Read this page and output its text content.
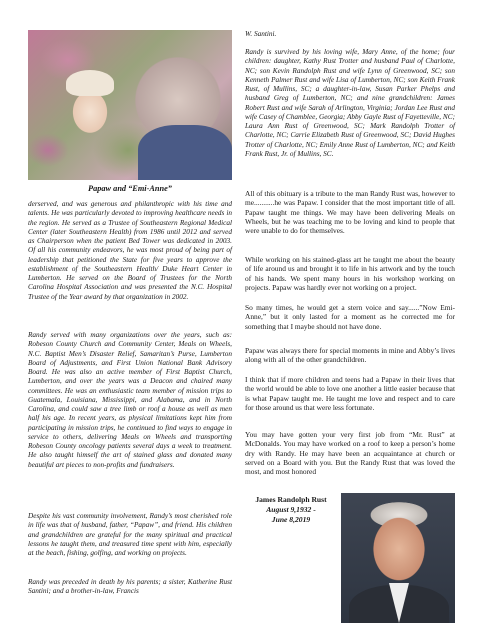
Papaw and “Emi-Anne”

derserved, and was generous and philanthropic with his time and talents. He was particularly devoted to improving healthcare needs in the region. He served as a Trustee of Southeastern Regional Medical Center (later Southeastern Health) from 1986 until 2012 and served as Chairperson when the patient Bed Tower was dedicated in 2003. Of all his community endeavors, he was most proud of being part of leadership that petitioned the State for five years to approve the establishment of the Southeastern Health/ Duke Heart Center in Lumberton. He served on the Board of Trustees for the North Carolina Hospital Association and was presented the N.C. Hospital Trustee of the Year award by that organization in 2002.

Randy served with many organizations over the years, such as: Robeson County Church and Community Center, Meals on Wheels, N.C. Baptist Men’s Disaster Relief, Samaritan’s Purse, Lumberton Board of Adjustments, and First Union National Bank Advisory Board. He was also an active member of First Baptist Church, Lumberton, and over the years was a Deacon and chaired many committees. He was an enthusiastic team member of mission trips to Guatemala, Louisiana, Mississippi, and Alabama, and in North Carolina, and could saw a tree limb or roof a house as well as men half his age. In recent years, as physical limitations kept him from participating in mission trips, he continued to find ways to engage in service to others, delivering Meals on Wheels and transporting Robeson County oncology patients several days a week to treatment. He also taught himself the art of stained glass and donated many beautiful art pieces to non-profits and fundraisers.

Despite his vast community involvement, Randy’s most cherished role in life was that of husband, father, “Papaw”, and friend. His children and grandchildren are grateful for the many spiritual and practical lessons he taught them, and treasured time spent with him, especially at the beach, fishing, golfing, and working on projects.

Randy was preceded in death by his parents; a sister, Katherine Rust Santini; and a brother-in-law, Francis

W. Santini.

Randy is survived by his loving wife, Mary Anne, of the home; four children: daughter, Kathy Rust Trotter and husband Paul of Charlotte, NC; son Kevin Randolph Rust and wife Lynn of Greenwood, SC; son Kenneth Palmer Rust and wife Lisa of Lumberton, NC; son Keith Frank Rust, of Mullins, SC; a daughter-in-law, Susan Parker Phelps and husband Greg of Lumberton, NC; and nine grandchildren: James Robert Rust and wife Sarah of Arlington, Virginia; Jordan Lee Rust and wife Casey of Chamblee, Georgia; Abby Gayle Rust of Fayetteville, NC; Laura Ann Rust of Greenwood, SC; Mark Randolph Trotter of Charlotte, NC; Carrie Elizabeth Rust of Greenwood, SC; David Hughes Trotter of Charlotte, NC; Emily Anne Rust of Lumberton, NC; and Keith Frank Rust, Jr. of Mullins, SC.

All of this obituary is a tribute to the man Randy Rust was, however to me...........he was Papaw. I consider that the most important title of all. Papaw taught me things. We may have been delivering Meals on Wheels, but he was teaching me to be loving and kind to people that were unable to do for themselves.

While working on his stained-glass art he taught me about the beauty of life around us and brought it to life in his artwork and by the touch of his hands. We spent many hours in his workshop working on projects. Papaw was hardly ever not working on a project.

So many times, he would get a stern voice and say......”Now Emi-Anne,” but it only lasted for a moment as he corrected me for something that I maybe should not have done.

Papaw was always there for special moments in mine and Abby’s lives along with all of the other grandchildren.

I think that if more children and teens had a Papaw in their lives that the world would be able to love one another a little easier because that is what Papaw taught me. He taught me love and respect and to care for those around us that were less fortunate.

You may have gotten your very first job from “Mr. Rust” at McDonalds. You may have worked on a roof to keep a person’s home dry with Randy. He may have been an acquaintance at church or served on a Board with you. But the Randy Rust that was loved the most, and most honored

James Randolph Rust
August 9,1932 -
June 8,2019
